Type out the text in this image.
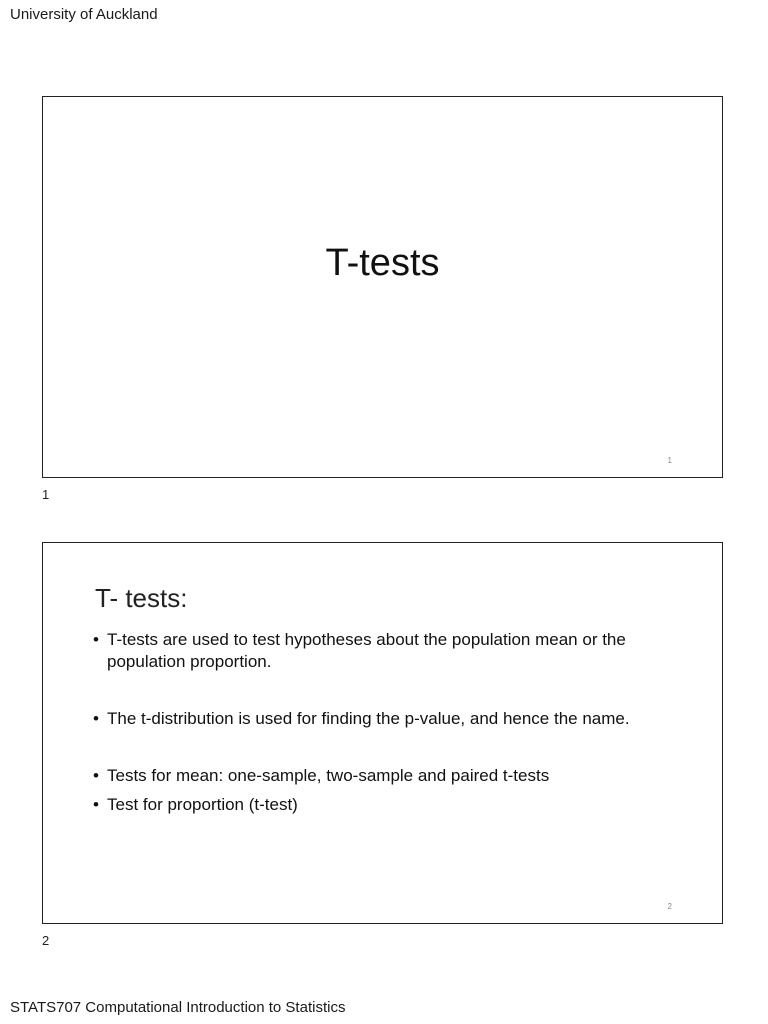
University of Auckland
T-tests
1
1
T- tests:
• T-tests are used to test hypotheses about the population mean or the population proportion.
• The t-distribution is used for finding the p-value, and hence the name.
• Tests for mean: one-sample, two-sample and paired t-tests
• Test for proportion (t-test)
2
2
STATS707 Computational Introduction to Statistics
